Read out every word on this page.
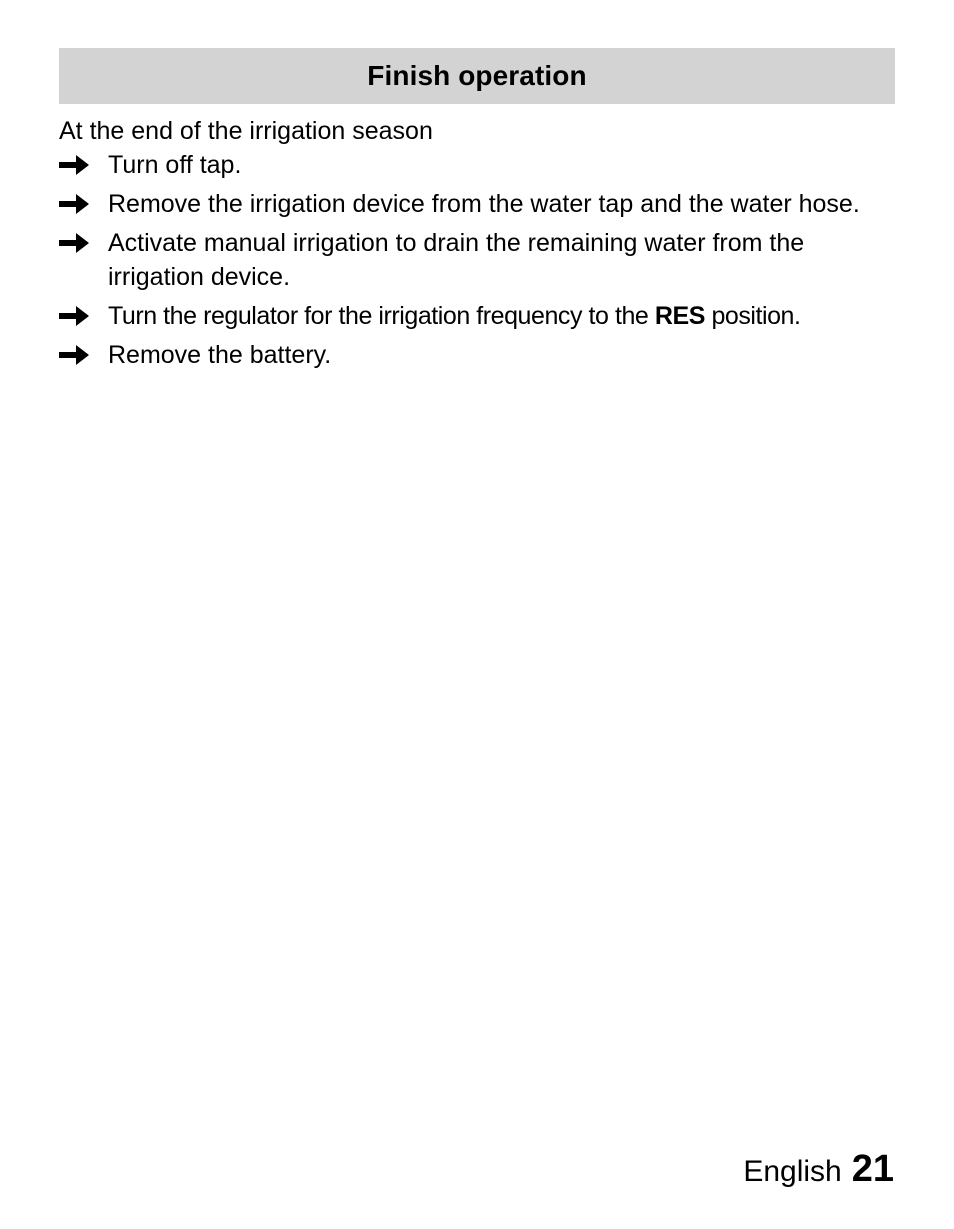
Finish operation
At the end of the irrigation season
Turn off tap.
Remove the irrigation device from the water tap and the water hose.
Activate manual irrigation to drain the remaining water from the irrigation device.
Turn the regulator for the irrigation frequency to the RES position.
Remove the battery.
English 21
